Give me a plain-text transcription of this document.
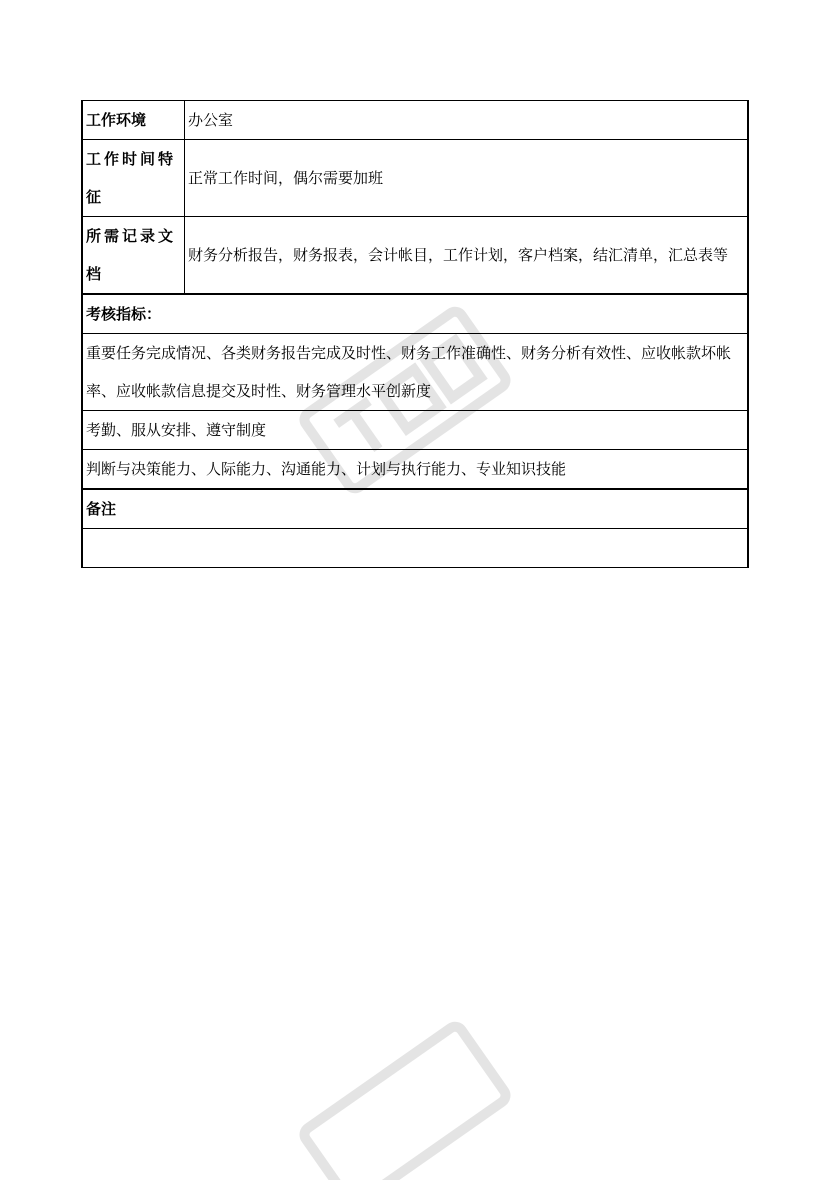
工作环境	办公室
工作时间特征	正常工作时间，偶尔需要加班
所需记录文档	财务分析报告，财务报表，会计帐目，工作计划，客户档案，结汇清单，汇总表等
考核指标：	
重要任务完成情况、各类财务报告完成及时性、财务工作准确性、财务分析有效性、应收帐款坏帐率、应收帐款信息提交及时性、财务管理水平创新度	
考勤、服从安排、遵守制度	
判断与决策能力、人际能力、沟通能力、计划与执行能力、专业知识技能	
备注	
